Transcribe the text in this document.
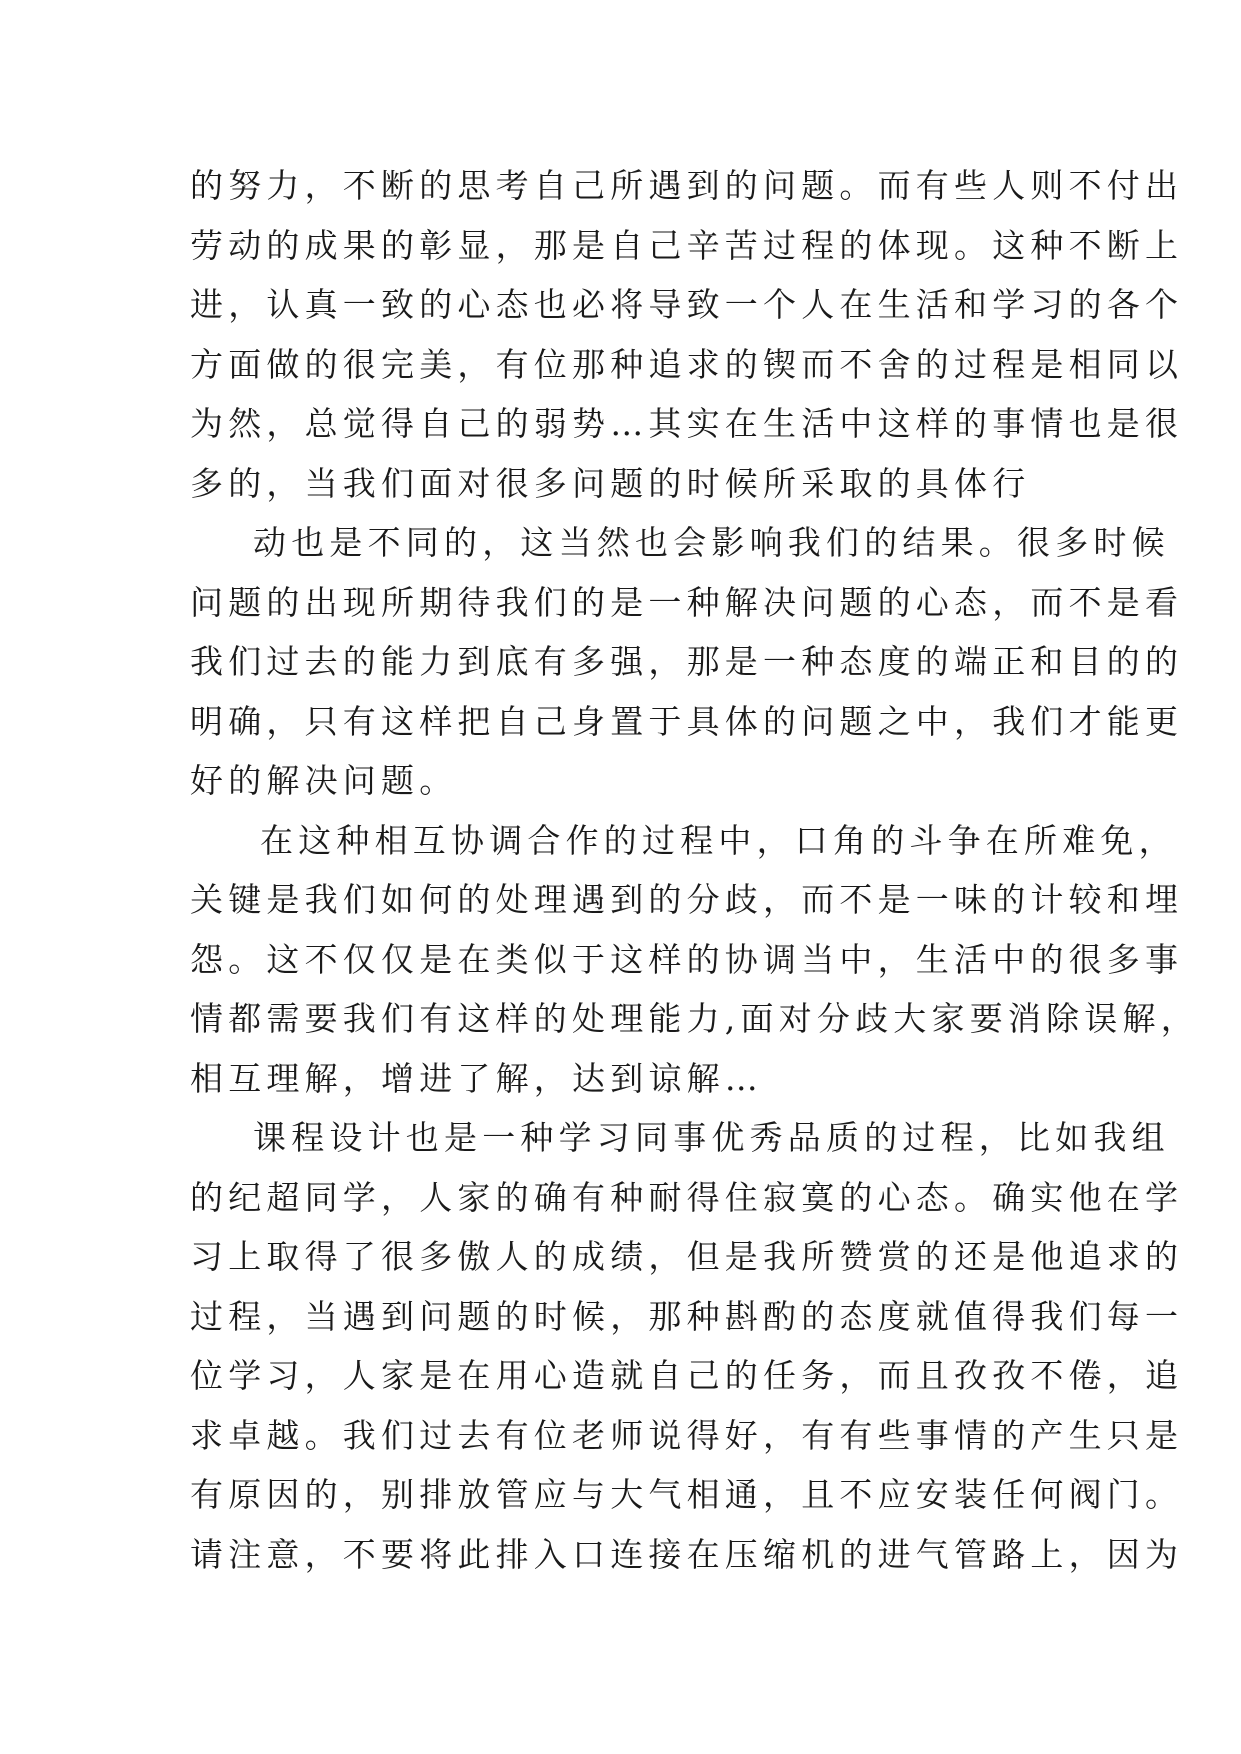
的努力，不断的思考自己所遇到的问题。而有些人则不付出
劳动的成果的彰显，那是自己辛苦过程的体现。这种不断上
进，认真一致的心态也必将导致一个人在生活和学习的各个
方面做的很完美，有位那种追求的锲而不舍的过程是相同以
为然，总觉得自己的弱势…其实在生活中这样的事情也是很
多的，当我们面对很多问题的时候所采取的具体行
动也是不同的，这当然也会影响我们的结果。很多时候
问题的出现所期待我们的是一种解决问题的心态，而不是看
我们过去的能力到底有多强，那是一种态度的端正和目的的
明确，只有这样把自己身置于具体的问题之中，我们才能更
好的解决问题。
在这种相互协调合作的过程中，口角的斗争在所难免，
关键是我们如何的处理遇到的分歧，而不是一味的计较和埋
怨。这不仅仅是在类似于这样的协调当中，生活中的很多事
情都需要我们有这样的处理能力,面对分歧大家要消除误解，
相互理解，增进了解，达到谅解…
课程设计也是一种学习同事优秀品质的过程，比如我组
的纪超同学，人家的确有种耐得住寂寞的心态。确实他在学
习上取得了很多傲人的成绩，但是我所赞赏的还是他追求的
过程，当遇到问题的时候，那种斟酌的态度就值得我们每一
位学习，人家是在用心造就自己的任务，而且孜孜不倦，追
求卓越。我们过去有位老师说得好，有有些事情的产生只是
有原因的，别排放管应与大气相通，且不应安装任何阀门。
请注意，不要将此排入口连接在压缩机的进气管路上，因为
